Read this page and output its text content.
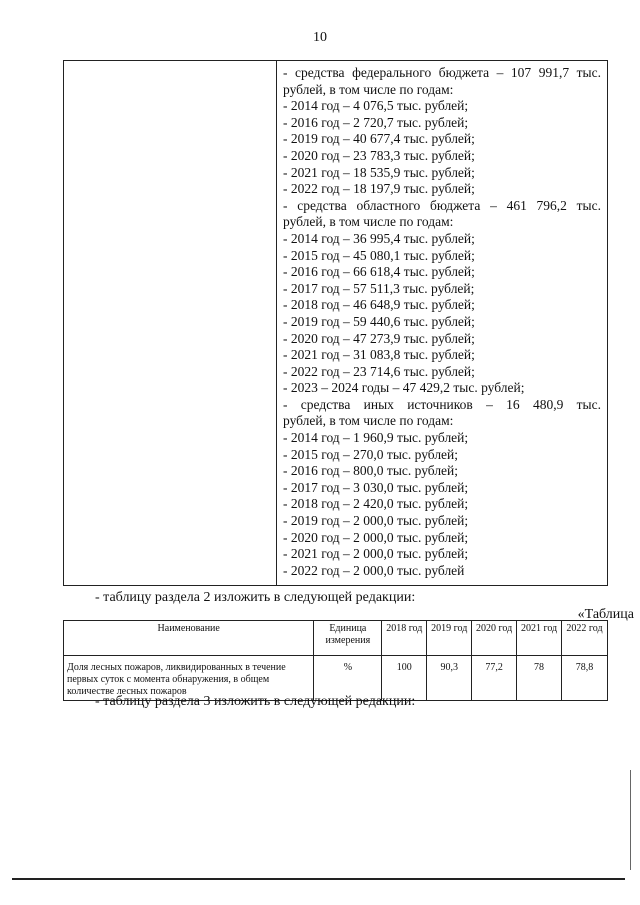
10
- средства федерального бюджета – 107 991,7 тыс.
рублей, в том числе по годам:
- 2014 год – 4 076,5 тыс. рублей;
- 2016 год – 2 720,7 тыс. рублей;
- 2019 год – 40 677,4 тыс. рублей;
- 2020 год – 23 783,3 тыс. рублей;
- 2021 год – 18 535,9 тыс. рублей;
- 2022 год – 18 197,9 тыс. рублей;
- средства областного бюджета – 461 796,2 тыс.
рублей, в том числе по годам:
- 2014 год – 36 995,4 тыс. рублей;
- 2015 год – 45 080,1 тыс. рублей;
- 2016 год – 66 618,4 тыс. рублей;
- 2017 год – 57 511,3 тыс. рублей;
- 2018 год – 46 648,9 тыс. рублей;
- 2019 год – 59 440,6 тыс. рублей;
- 2020 год – 47 273,9 тыс. рублей;
- 2021 год – 31 083,8 тыс. рублей;
- 2022 год – 23 714,6 тыс. рублей;
- 2023 – 2024 годы – 47 429,2 тыс. рублей;
- средства иных источников – 16 480,9 тыс.
рублей, в том числе по годам:
- 2014 год – 1 960,9 тыс. рублей;
- 2015 год – 270,0 тыс. рублей;
- 2016 год – 800,0 тыс. рублей;
- 2017 год – 3 030,0 тыс. рублей;
- 2018 год – 2 420,0 тыс. рублей;
- 2019 год – 2 000,0 тыс. рублей;
- 2020 год – 2 000,0 тыс. рублей;
- 2021 год – 2 000,0 тыс. рублей;
- 2022 год – 2 000,0 тыс. рублей
- таблицу раздела 2 изложить в следующей редакции:
«Таблица
Наименование	Единица измерения	2018 год	2019 год	2020 год	2021 год	2022 год
Доля лесных пожаров, ликвидированных в течение первых суток с момента обнаружения, в общем количестве лесных пожаров	%	100	90,3	77,2	78	78,8
- таблицу раздела 3 изложить в следующей редакции:
